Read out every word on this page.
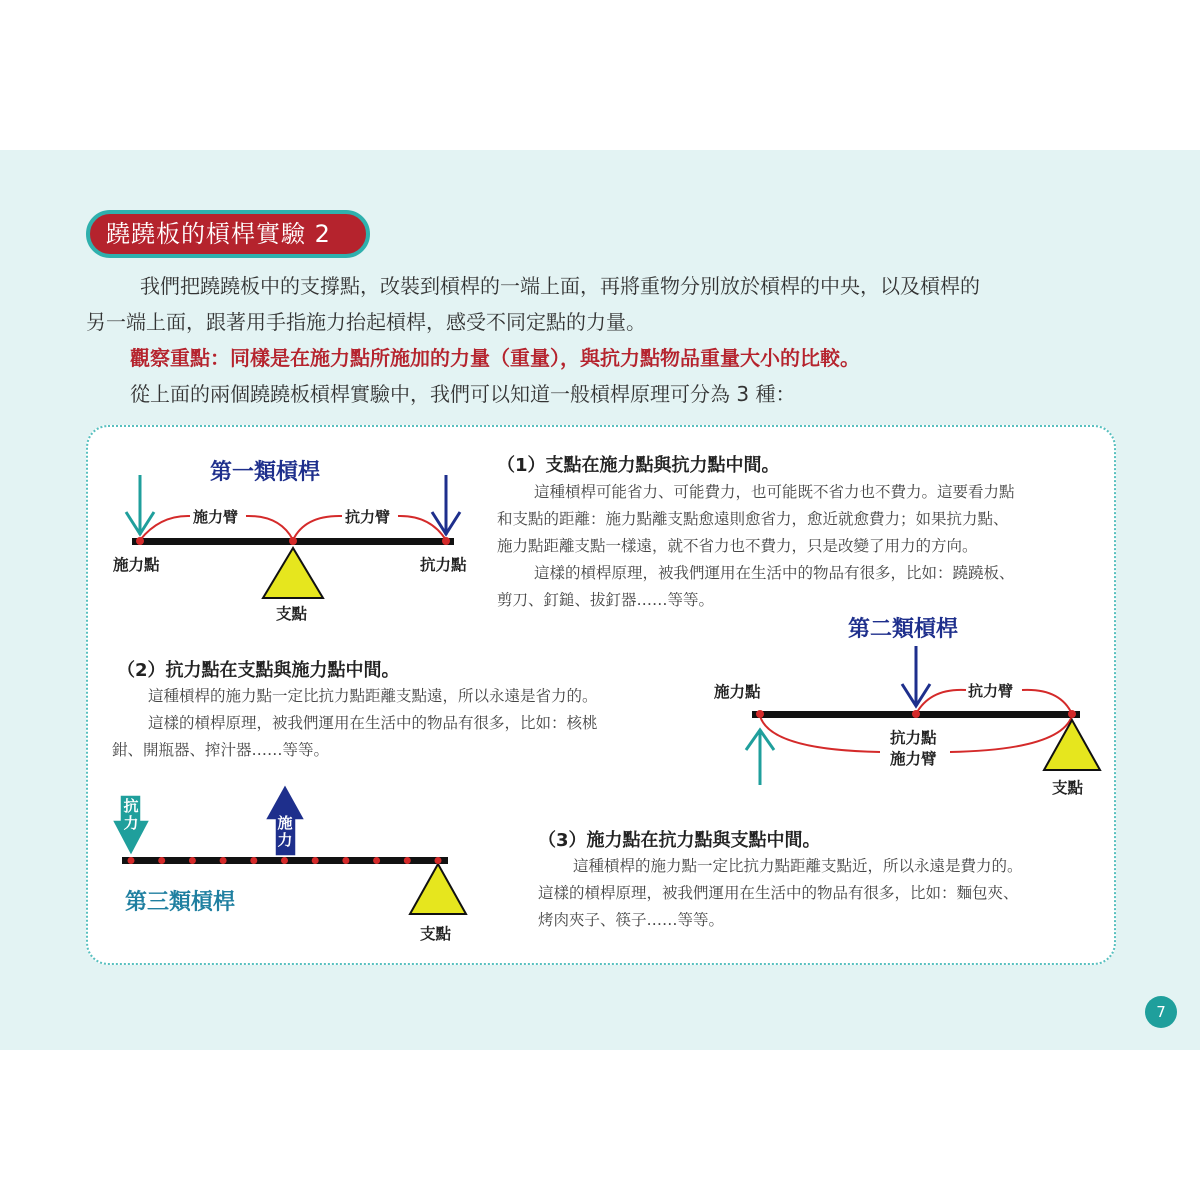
蹺蹺板的槓桿實驗 2
我們把蹺蹺板中的支撐點，改裝到槓桿的一端上面，再將重物分別放於槓桿的中央，以及槓桿的
另一端上面，跟著用手指施力抬起槓桿，感受不同定點的力量。
觀察重點：同樣是在施力點所施加的力量（重量），與抗力點物品重量大小的比較。
從上面的兩個蹺蹺板槓桿實驗中，我們可以知道一般槓桿原理可分為 3 種：
第一類槓桿
施力臂	抗力臂
施力點	抗力點
支點
（1）支點在施力點與抗力點中間。
這種槓桿可能省力、可能費力，也可能既不省力也不費力。這要看力點
和支點的距離：施力點離支點愈遠則愈省力，愈近就愈費力；如果抗力點、
施力點距離支點一樣遠，就不省力也不費力，只是改變了用力的方向。
這樣的槓桿原理，被我們運用在生活中的物品有很多，比如：蹺蹺板、
剪刀、釘鎚、拔釘器……等等。
第二類槓桿
施力點	抗力臂
抗力點
施力臂
支點
（2）抗力點在支點與施力點中間。
這種槓桿的施力點一定比抗力點距離支點遠，所以永遠是省力的。
這樣的槓桿原理，被我們運用在生活中的物品有很多，比如：核桃
鉗、開瓶器、搾汁器……等等。
抗
力	施
力
第三類槓桿
支點
（3）施力點在抗力點與支點中間。
這種槓桿的施力點一定比抗力點距離支點近，所以永遠是費力的。
這樣的槓桿原理，被我們運用在生活中的物品有很多，比如：麵包夾、
烤肉夾子、筷子……等等。
7
